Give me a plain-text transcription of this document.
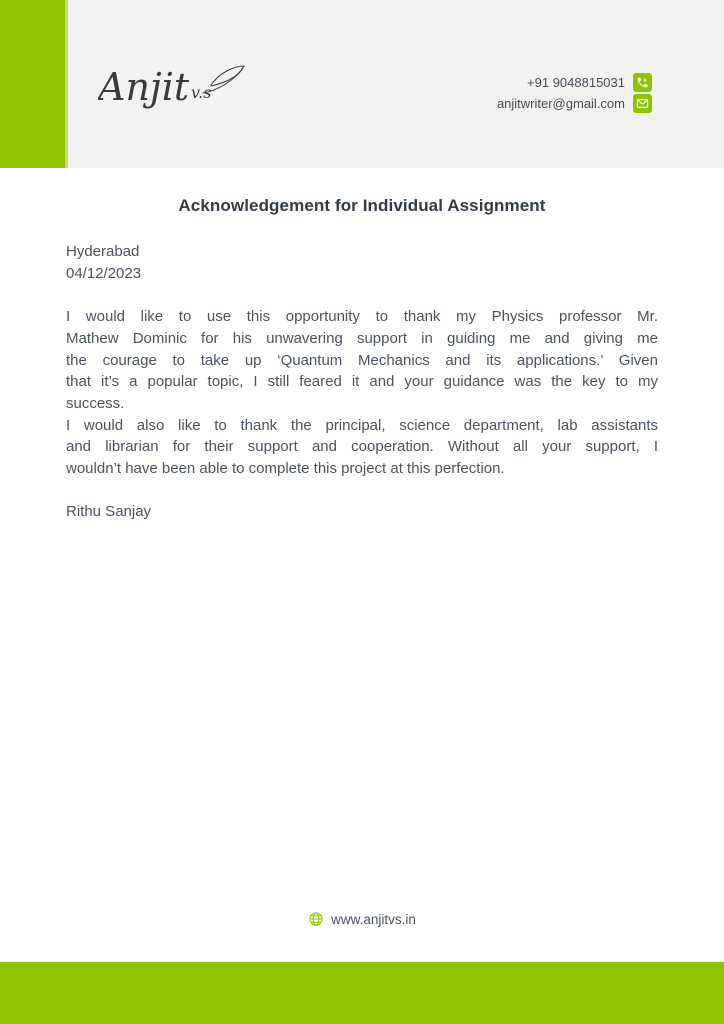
Anjit v.s
+91 9048815031
anjitwriter@gmail.com
Acknowledgement for Individual Assignment
Hyderabad
04/12/2023
I would like to use this opportunity to thank my Physics professor Mr.
Mathew Dominic for his unwavering support in guiding me and giving me
the courage to take up ‘Quantum Mechanics and its applications.’ Given
that it’s a popular topic, I still feared it and your guidance was the key to my
success.
I would also like to thank the principal, science department, lab assistants
and librarian for their support and cooperation. Without all your support, I
wouldn’t have been able to complete this project at this perfection.
Rithu Sanjay
www.anjitvs.in
